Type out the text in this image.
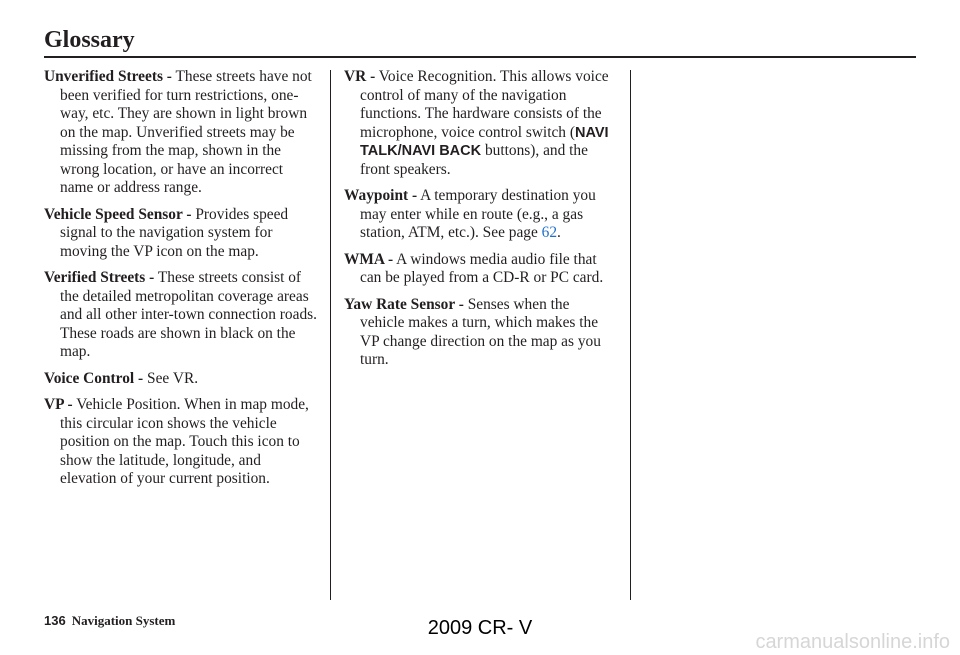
Glossary

Unverified Streets - These streets have not been verified for turn restrictions, one-way, etc. They are shown in light brown on the map. Unverified streets may be missing from the map, shown in the wrong location, or have an incorrect name or address range.

Vehicle Speed Sensor - Provides speed signal to the navigation system for moving the VP icon on the map.

Verified Streets - These streets consist of the detailed metropolitan coverage areas and all other inter-town connection roads. These roads are shown in black on the map.

Voice Control - See VR.

VP - Vehicle Position. When in map mode, this circular icon shows the vehicle position on the map. Touch this icon to show the latitude, longitude, and elevation of your current position.

VR - Voice Recognition. This allows voice control of many of the navigation functions. The hardware consists of the microphone, voice control switch (NAVI TALK/NAVI BACK buttons), and the front speakers.

Waypoint - A temporary destination you may enter while en route (e.g., a gas station, ATM, etc.). See page 62.

WMA - A windows media audio file that can be played from a CD-R or PC card.

Yaw Rate Sensor - Senses when the vehicle makes a turn, which makes the VP change direction on the map as you turn.

136 Navigation System	2009 CR- V
carmanualsonline.info
